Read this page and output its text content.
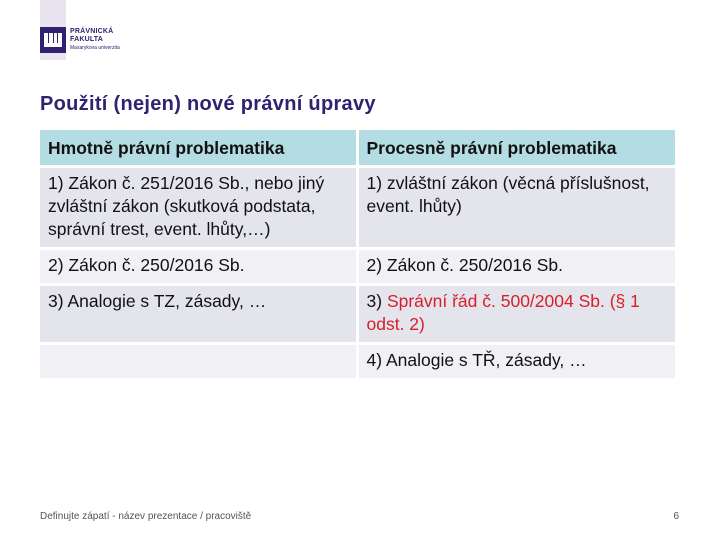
PRÁVNICKÁ
FAKULTA
Masarykova univerzita
Použití (nejen) nové právní úpravy
Hmotně právní problematika	Procesně právní problematika
1) Zákon č. 251/2016 Sb., nebo jiný zvláštní zákon (skutková podstata, správní trest, event. lhůty,…)	1) zvláštní zákon (věcná příslušnost, event. lhůty)
2) Zákon č. 250/2016 Sb.	2) Zákon č. 250/2016 Sb.
3) Analogie s TZ, zásady, …	3) Správní řád č. 500/2004 Sb. (§ 1 odst. 2)
	4) Analogie s TŘ, zásady, …
Definujte zápatí - název prezentace / pracoviště	6
